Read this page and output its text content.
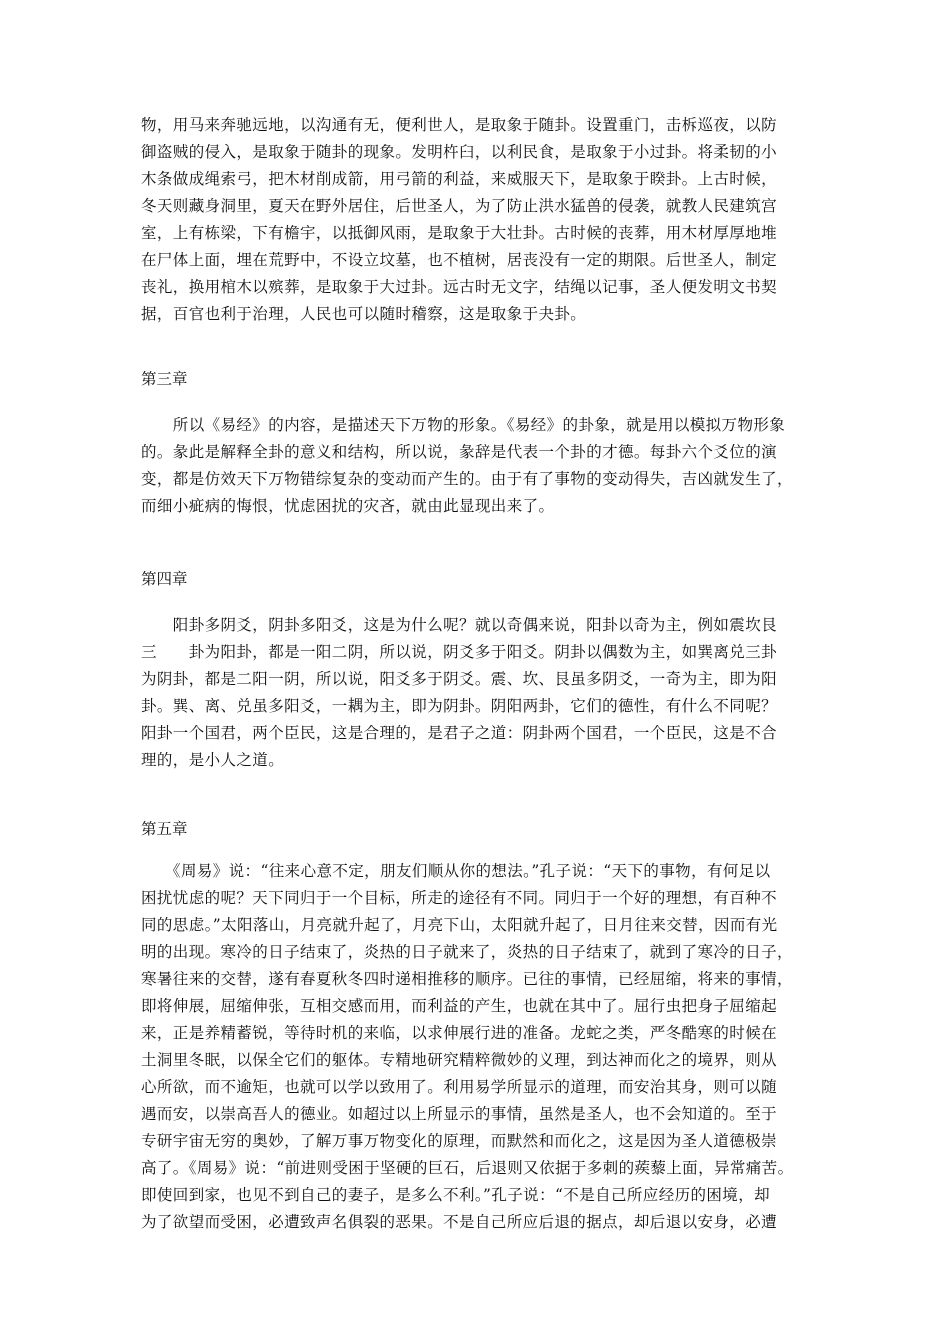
物，用马来奔驰远地，以沟通有无，便利世人，是取象于随卦。设置重门，击柝巡夜，以防
御盗贼的侵入，是取象于随卦的现象。发明杵臼，以利民食，是取象于小过卦。将柔韧的小
木条做成绳索弓，把木材削成箭，用弓箭的利益，来威服天下，是取象于睽卦。上古时候，
冬天则藏身洞里，夏天在野外居住，后世圣人，为了防止洪水猛兽的侵袭，就教人民建筑宫
室，上有栋梁，下有檐宇，以抵御风雨，是取象于大壮卦。古时候的丧葬，用木材厚厚地堆
在尸体上面，埋在荒野中，不设立坟墓，也不植树，居丧没有一定的期限。后世圣人，制定
丧礼，换用棺木以殡葬，是取象于大过卦。远古时无文字，结绳以记事，圣人便发明文书契
据，百官也利于治理，人民也可以随时稽察，这是取象于夬卦。
第三章
　　所以《易经》的内容，是描述天下万物的形象。《易经》的卦象，就是用以模拟万物形象
的。彖此是解释全卦的意义和结构，所以说，彖辞是代表一个卦的才德。每卦六个爻位的演
变，都是仿效天下万物错综复杂的变动而产生的。由于有了事物的变动得失，吉凶就发生了，
而细小疵病的悔恨，忧虑困扰的灾吝，就由此显现出来了。
第四章
　　阳卦多阴爻，阴卦多阳爻，这是为什么呢？就以奇偶来说，阳卦以奇为主，例如震坎艮
三　　卦为阳卦，都是一阳二阴，所以说，阴爻多于阳爻。阴卦以偶数为主，如巽离兑三卦
为阴卦，都是二阳一阴，所以说，阳爻多于阴爻。震、坎、艮虽多阴爻，一奇为主，即为阳
卦。巽、离、兑虽多阳爻，一耦为主，即为阴卦。阴阳两卦，它们的德性，有什么不同呢？
阳卦一个国君，两个臣民，这是合理的，是君子之道：阴卦两个国君，一个臣民，这是不合
理的，是小人之道。
第五章
　　《周易》说：“往来心意不定，朋友们顺从你的想法。”孔子说：“天下的事物，有何足以
困扰忧虑的呢？天下同归于一个目标，所走的途径有不同。同归于一个好的理想，有百种不
同的思虑。”太阳落山，月亮就升起了，月亮下山，太阳就升起了，日月往来交替，因而有光
明的出现。寒冷的日子结束了，炎热的日子就来了，炎热的日子结束了，就到了寒冷的日子，
寒暑往来的交替，遂有春夏秋冬四时递相推移的顺序。已往的事情，已经屈缩，将来的事情，
即将伸展，屈缩伸张，互相交感而用，而利益的产生，也就在其中了。屈行虫把身子屈缩起
来，正是养精蓄锐，等待时机的来临，以求伸展行进的准备。龙蛇之类，严冬酷寒的时候在
土洞里冬眠，以保全它们的躯体。专精地研究精粹微妙的义理，到达神而化之的境界，则从
心所欲，而不逾矩，也就可以学以致用了。利用易学所显示的道理，而安治其身，则可以随
遇而安，以崇高吾人的德业。如超过以上所显示的事情，虽然是圣人，也不会知道的。至于
专研宇宙无穷的奥妙，了解万事万物变化的原理，而默然和而化之，这是因为圣人道德极崇
高了。《周易》说：“前进则受困于坚硬的巨石，后退则又依据于多刺的蒺藜上面，异常痛苦。
即使回到家，也见不到自己的妻子，是多么不利。”孔子说：“不是自己所应经历的困境，却
为了欲望而受困，必遭致声名俱裂的恶果。不是自己所应后退的据点，却后退以安身，必遭
